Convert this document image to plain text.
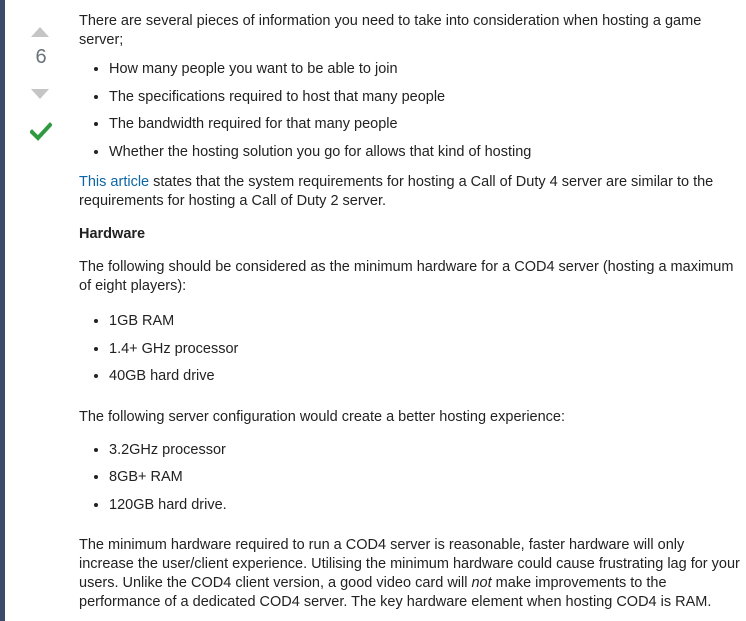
6

There are several pieces of information you need to take into consideration when hosting a game server;

• How many people you want to be able to join
• The specifications required to host that many people
• The bandwidth required for that many people
• Whether the hosting solution you go for allows that kind of hosting

This article states that the system requirements for hosting a Call of Duty 4 server are similar to the requirements for hosting a Call of Duty 2 server.

Hardware

The following should be considered as the minimum hardware for a COD4 server (hosting a maximum of eight players):

• 1GB RAM
• 1.4+ GHz processor
• 40GB hard drive

The following server configuration would create a better hosting experience:

• 3.2GHz processor
• 8GB+ RAM
• 120GB hard drive.

The minimum hardware required to run a COD4 server is reasonable, faster hardware will only increase the user/client experience. Utilising the minimum hardware could cause frustrating lag for your users. Unlike the COD4 client version, a good video card will not make improvements to the performance of a dedicated COD4 server. The key hardware element when hosting COD4 is RAM.
